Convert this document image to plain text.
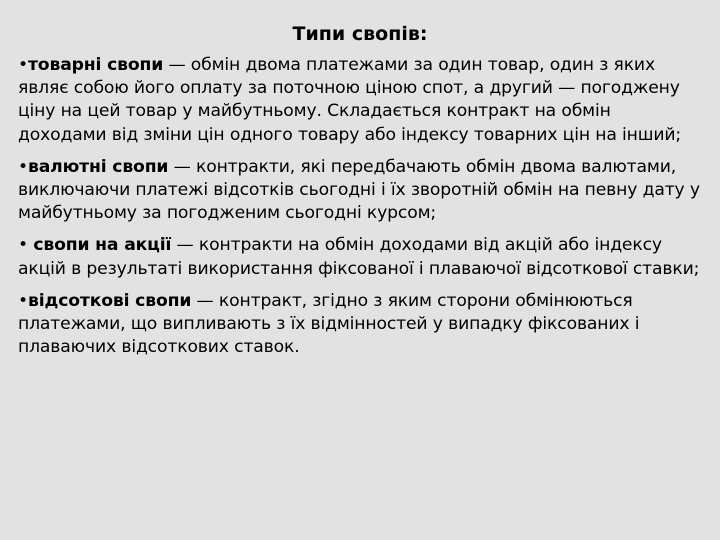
Типи свопів:
•товарні свопи — обмін двома платежами за один товар, один з яких являє собою його оплату за поточною ціною спот, а другий — погоджену ціну на цей товар у майбутньому. Складається контракт на обмін доходами від зміни цін одного товару або індексу товарних цін на інший;
•валютні свопи — контракти, які передбачають обмін двома валютами, виключаючи платежі відсотків сьогодні і їх зворотній обмін на певну дату у майбутньому за погодженим сьогодні курсом;
• свопи на акції — контракти на обмін доходами від акцій або індексу акцій в результаті використання фіксованої і плаваючої відсоткової ставки;
•відсоткові свопи — контракт, згідно з яким сторони обмінюються платежами, що випливають з їх відмінностей у випадку фіксованих і плаваючих відсоткових ставок.
